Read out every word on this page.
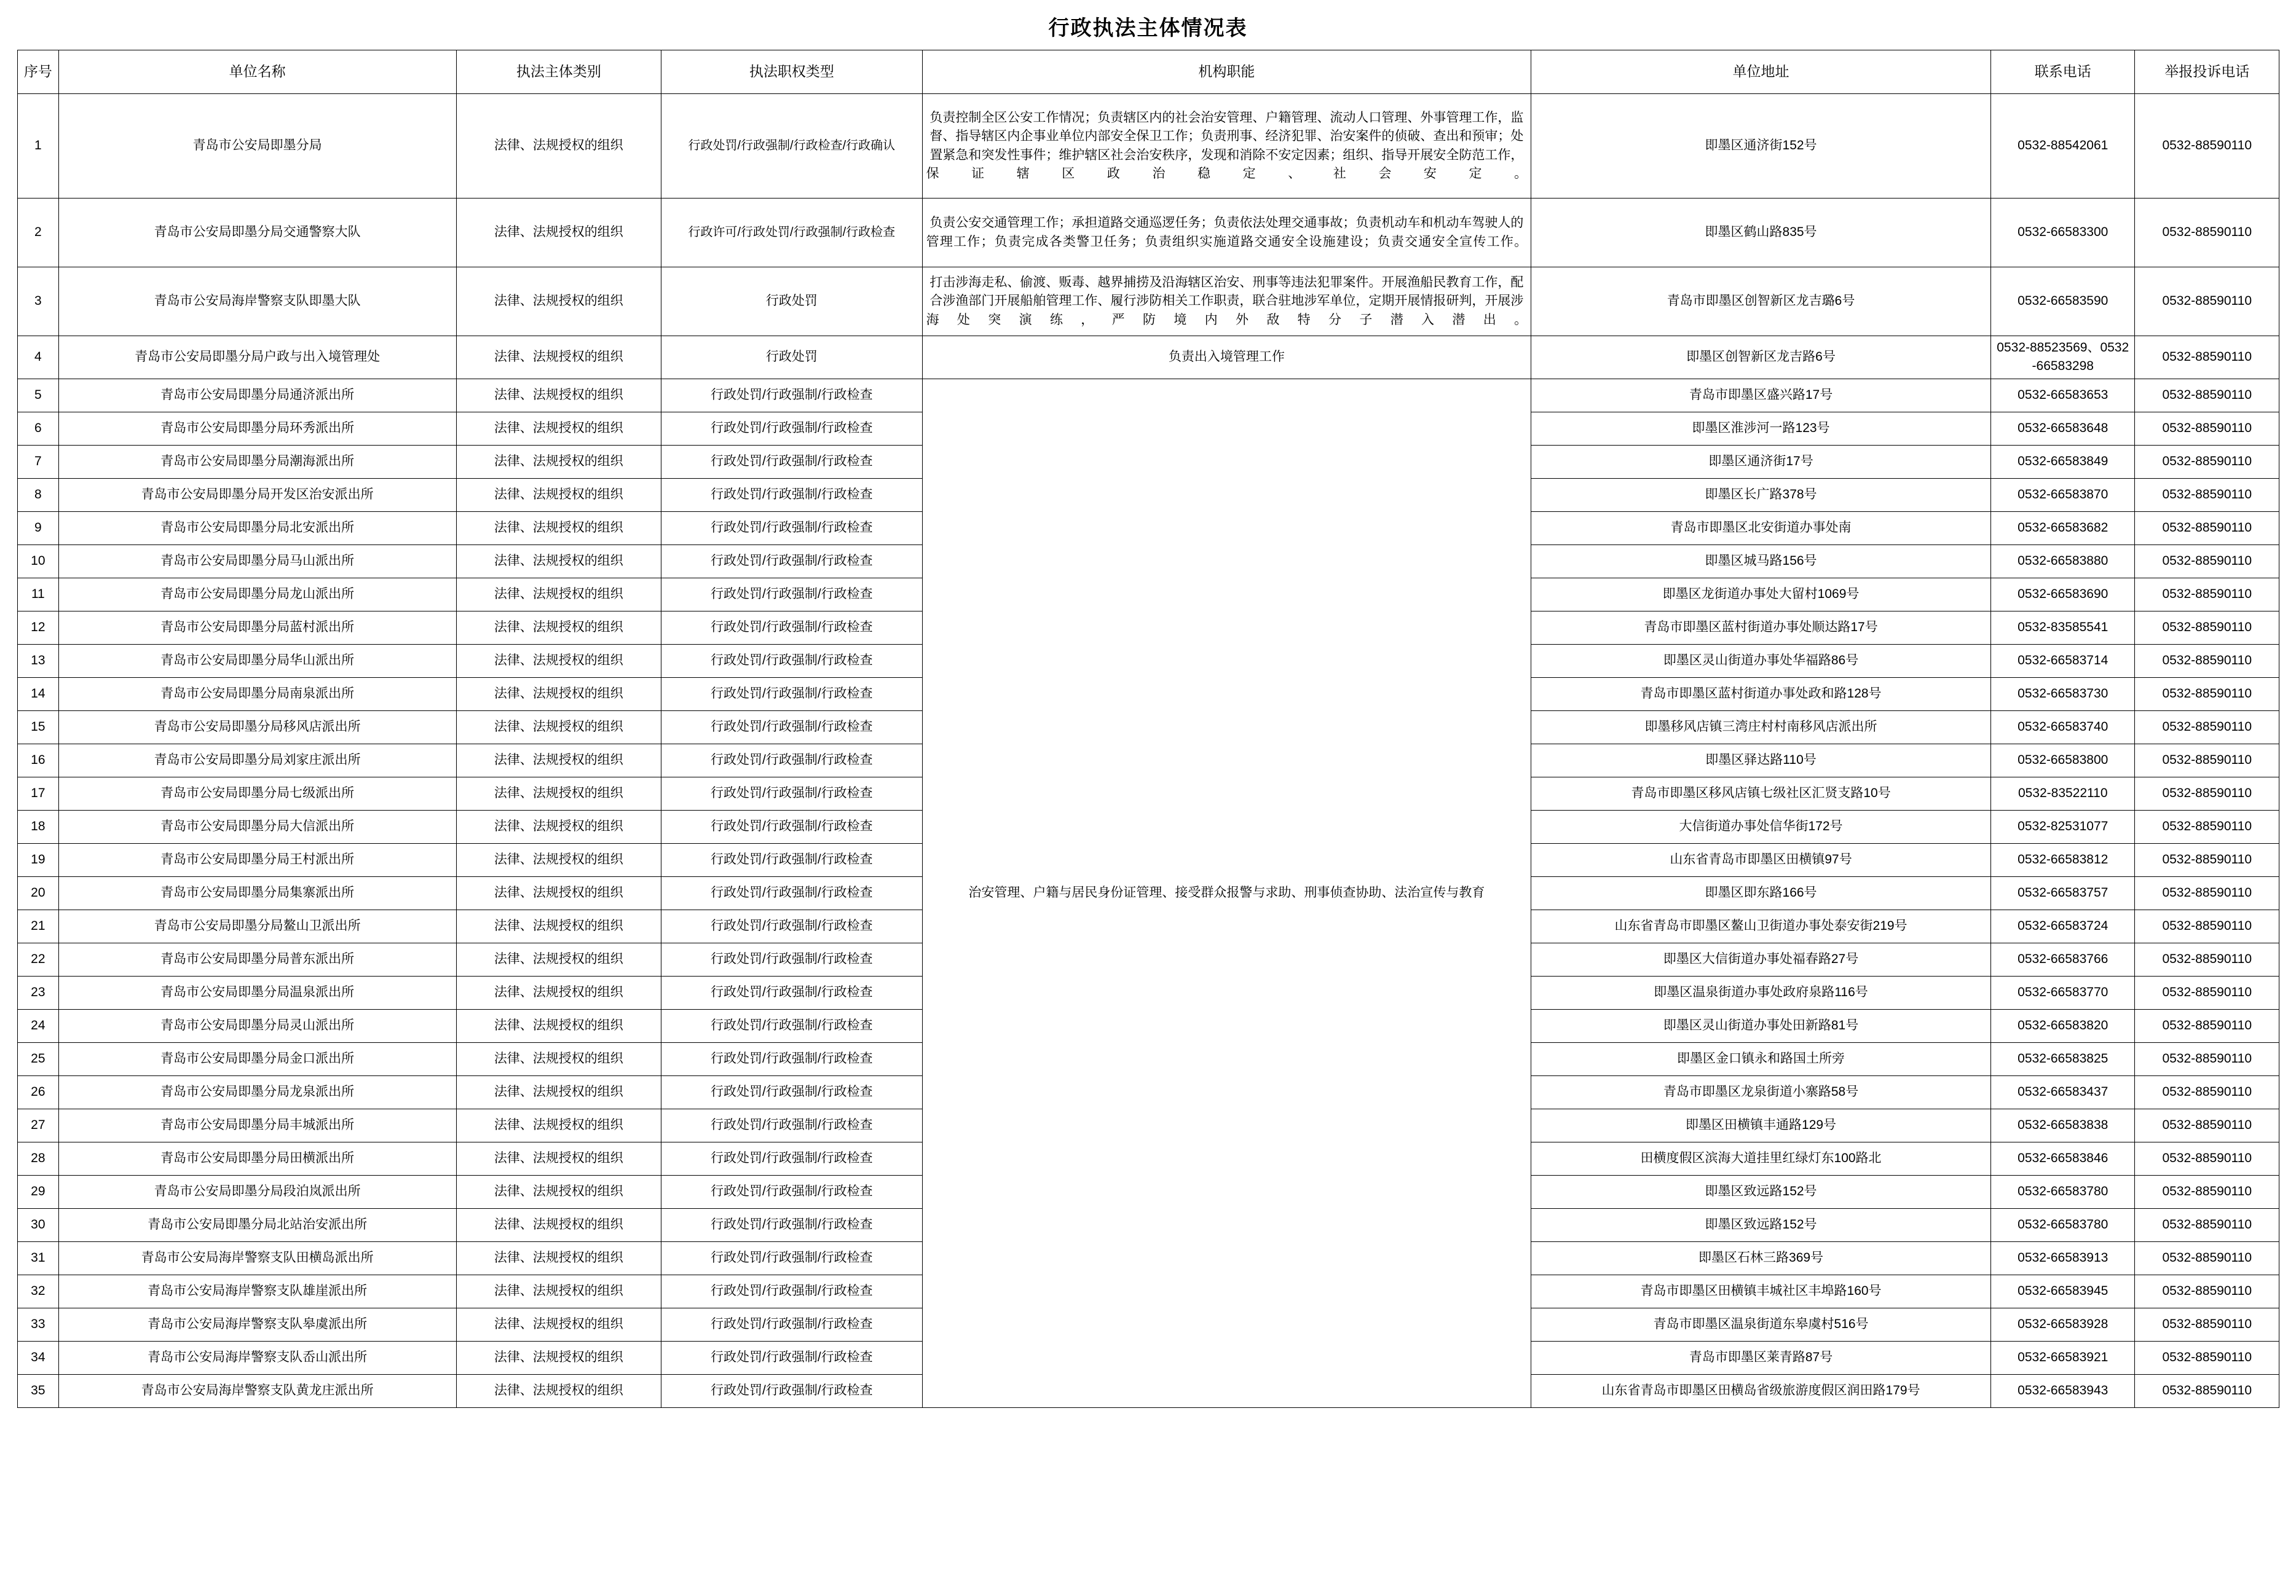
行政执法主体情况表
序号	单位名称	执法主体类别	执法职权类型	机构职能	单位地址	联系电话	举报投诉电话
1	青岛市公安局即墨分局	法律、法规授权的组织	行政处罚/行政强制/行政检查/行政确认	负责控制全区公安工作情况；负责辖区内的社会治安管理、户籍管理、流动人口管理、外事管理工作，监督、指导辖区内企事业单位内部安全保卫工作；负责刑事、经济犯罪、治安案件的侦破、查出和预审；处置紧急和突发性事件；维护辖区社会治安秩序，发现和消除不安定因素；组织、指导开展安全防范工作，保证辖区政治稳定、社会安定。	即墨区通济街152号	0532-88542061	0532-88590110
2	青岛市公安局即墨分局交通警察大队	法律、法规授权的组织	行政许可/行政处罚/行政强制/行政检查	负责公安交通管理工作；承担道路交通巡逻任务；负责依法处理交通事故；负责机动车和机动车驾驶人的管理工作；负责完成各类警卫任务；负责组织实施道路交通安全设施建设；负责交通安全宣传工作。	即墨区鹤山路835号	0532-66583300	0532-88590110
3	青岛市公安局海岸警察支队即墨大队	法律、法规授权的组织	行政处罚	打击涉海走私、偷渡、贩毒、越界捕捞及沿海辖区治安、刑事等违法犯罪案件。开展渔船民教育工作，配合涉渔部门开展船舶管理工作、履行涉防相关工作职责，联合驻地涉军单位，定期开展情报研判，开展涉海处突演练，严防境内外敌特分子潜入潜出。	青岛市即墨区创智新区龙吉璐6号	0532-66583590	0532-88590110
4	青岛市公安局即墨分局户政与出入境管理处	法律、法规授权的组织	行政处罚	负责出入境管理工作	即墨区创智新区龙吉路6号	0532-88523569、0532-66583298	0532-88590110
5	青岛市公安局即墨分局通济派出所	法律、法规授权的组织	行政处罚/行政强制/行政检查	治安管理、户籍与居民身份证管理、接受群众报警与求助、刑事侦查协助、法治宣传与教育	青岛市即墨区盛兴路17号	0532-66583653	0532-88590110
6	青岛市公安局即墨分局环秀派出所	法律、法规授权的组织	行政处罚/行政强制/行政检查		即墨区淮涉河一路123号	0532-66583648	0532-88590110
7	青岛市公安局即墨分局潮海派出所	法律、法规授权的组织	行政处罚/行政强制/行政检查		即墨区通济街17号	0532-66583849	0532-88590110
8	青岛市公安局即墨分局开发区治安派出所	法律、法规授权的组织	行政处罚/行政强制/行政检查		即墨区长广路378号	0532-66583870	0532-88590110
9	青岛市公安局即墨分局北安派出所	法律、法规授权的组织	行政处罚/行政强制/行政检查		青岛市即墨区北安街道办事处南	0532-66583682	0532-88590110
10	青岛市公安局即墨分局马山派出所	法律、法规授权的组织	行政处罚/行政强制/行政检查		即墨区城马路156号	0532-66583880	0532-88590110
11	青岛市公安局即墨分局龙山派出所	法律、法规授权的组织	行政处罚/行政强制/行政检查		即墨区龙街道办事处大留村1069号	0532-66583690	0532-88590110
12	青岛市公安局即墨分局蓝村派出所	法律、法规授权的组织	行政处罚/行政强制/行政检查		青岛市即墨区蓝村街道办事处顺达路17号	0532-83585541	0532-88590110
13	青岛市公安局即墨分局华山派出所	法律、法规授权的组织	行政处罚/行政强制/行政检查		即墨区灵山街道办事处华福路86号	0532-66583714	0532-88590110
14	青岛市公安局即墨分局南泉派出所	法律、法规授权的组织	行政处罚/行政强制/行政检查		青岛市即墨区蓝村街道办事处政和路128号	0532-66583730	0532-88590110
15	青岛市公安局即墨分局移风店派出所	法律、法规授权的组织	行政处罚/行政强制/行政检查		即墨移风店镇三湾庄村村南移风店派出所	0532-66583740	0532-88590110
16	青岛市公安局即墨分局刘家庄派出所	法律、法规授权的组织	行政处罚/行政强制/行政检查		即墨区驿达路110号	0532-66583800	0532-88590110
17	青岛市公安局即墨分局七级派出所	法律、法规授权的组织	行政处罚/行政强制/行政检查		青岛市即墨区移风店镇七级社区汇贤支路10号	0532-83522110	0532-88590110
18	青岛市公安局即墨分局大信派出所	法律、法规授权的组织	行政处罚/行政强制/行政检查		大信街道办事处信华街172号	0532-82531077	0532-88590110
19	青岛市公安局即墨分局王村派出所	法律、法规授权的组织	行政处罚/行政强制/行政检查		山东省青岛市即墨区田横镇97号	0532-66583812	0532-88590110
20	青岛市公安局即墨分局集寨派出所	法律、法规授权的组织	行政处罚/行政强制/行政检查		即墨区即东路166号	0532-66583757	0532-88590110
21	青岛市公安局即墨分局鳌山卫派出所	法律、法规授权的组织	行政处罚/行政强制/行政检查		山东省青岛市即墨区鳌山卫街道办事处泰安街219号	0532-66583724	0532-88590110
22	青岛市公安局即墨分局普东派出所	法律、法规授权的组织	行政处罚/行政强制/行政检查		即墨区大信街道办事处福春路27号	0532-66583766	0532-88590110
23	青岛市公安局即墨分局温泉派出所	法律、法规授权的组织	行政处罚/行政强制/行政检查		即墨区温泉街道办事处政府泉路116号	0532-66583770	0532-88590110
24	青岛市公安局即墨分局灵山派出所	法律、法规授权的组织	行政处罚/行政强制/行政检查		即墨区灵山街道办事处田新路81号	0532-66583820	0532-88590110
25	青岛市公安局即墨分局金口派出所	法律、法规授权的组织	行政处罚/行政强制/行政检查		即墨区金口镇永和路国土所旁	0532-66583825	0532-88590110
26	青岛市公安局即墨分局龙泉派出所	法律、法规授权的组织	行政处罚/行政强制/行政检查		青岛市即墨区龙泉街道小寨路58号	0532-66583437	0532-88590110
27	青岛市公安局即墨分局丰城派出所	法律、法规授权的组织	行政处罚/行政强制/行政检查		即墨区田横镇丰通路129号	0532-66583838	0532-88590110
28	青岛市公安局即墨分局田横派出所	法律、法规授权的组织	行政处罚/行政强制/行政检查		田横度假区滨海大道挂里红绿灯东100路北	0532-66583846	0532-88590110
29	青岛市公安局即墨分局段泊岚派出所	法律、法规授权的组织	行政处罚/行政强制/行政检查		即墨区致远路152号	0532-66583780	0532-88590110
30	青岛市公安局即墨分局北站治安派出所	法律、法规授权的组织	行政处罚/行政强制/行政检查		即墨区致远路152号	0532-66583780	0532-88590110
31	青岛市公安局海岸警察支队田横岛派出所	法律、法规授权的组织	行政处罚/行政强制/行政检查		即墨区石林三路369号	0532-66583913	0532-88590110
32	青岛市公安局海岸警察支队雄崖派出所	法律、法规授权的组织	行政处罚/行政强制/行政检查		青岛市即墨区田横镇丰城社区丰埠路160号	0532-66583945	0532-88590110
33	青岛市公安局海岸警察支队皋虞派出所	法律、法规授权的组织	行政处罚/行政强制/行政检查		青岛市即墨区温泉街道东皋虞村516号	0532-66583928	0532-88590110
34	青岛市公安局海岸警察支队岙山派出所	法律、法规授权的组织	行政处罚/行政强制/行政检查		青岛市即墨区莱青路87号	0532-66583921	0532-88590110
35	青岛市公安局海岸警察支队黄龙庄派出所	法律、法规授权的组织	行政处罚/行政强制/行政检查		山东省青岛市即墨区田横岛省级旅游度假区润田路179号	0532-66583943	0532-88590110
